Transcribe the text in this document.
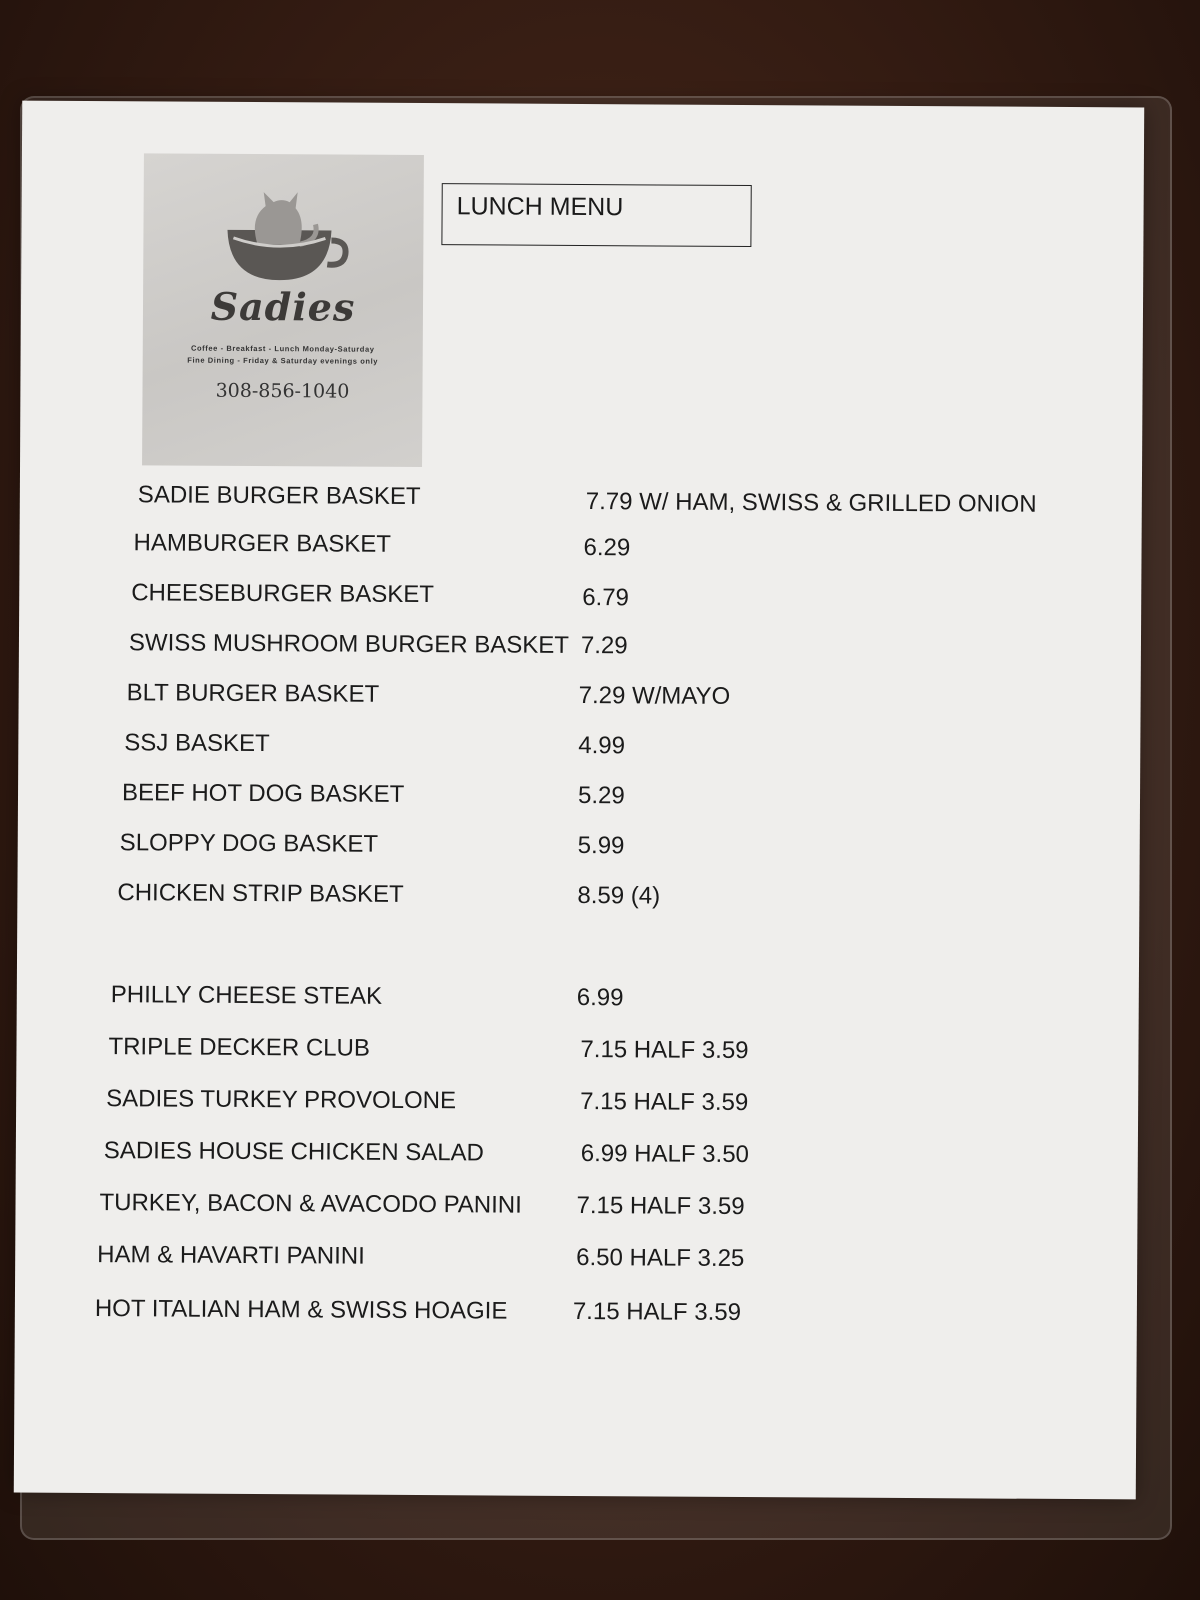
Sadies
Coffee - Breakfast - Lunch Monday-Saturday
Fine Dining - Friday & Saturday evenings only
308-856-1040
LUNCH MENU
SADIE BURGER BASKET	7.79 W/ HAM, SWISS & GRILLED ONION
HAMBURGER BASKET	6.29
CHEESEBURGER BASKET	6.79
SWISS MUSHROOM BURGER BASKET 7.29
BLT BURGER BASKET	7.29 W/MAYO
SSJ BASKET	4.99
BEEF HOT DOG BASKET	5.29
SLOPPY DOG BASKET	5.99
CHICKEN STRIP BASKET	8.59 (4)
PHILLY CHEESE STEAK	6.99
TRIPLE DECKER CLUB	7.15 HALF 3.59
SADIES TURKEY PROVOLONE	7.15 HALF 3.59
SADIES HOUSE CHICKEN SALAD	6.99 HALF 3.50
TURKEY, BACON & AVACODO PANINI 7.15 HALF 3.59
HAM & HAVARTI PANINI	6.50 HALF 3.25
HOT ITALIAN HAM & SWISS HOAGIE	7.15 HALF 3.59
